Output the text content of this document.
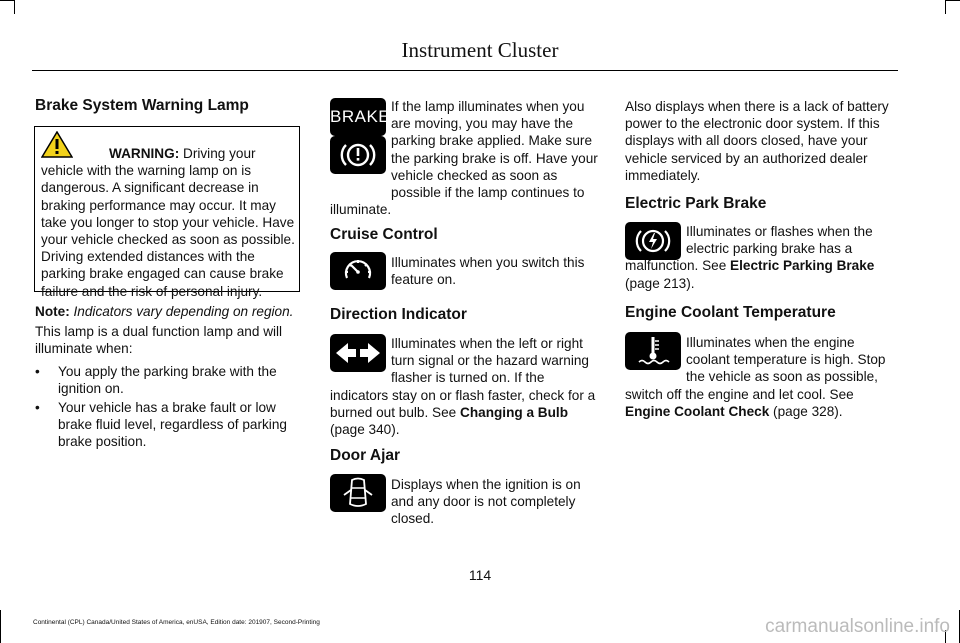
Instrument Cluster
Brake System Warning Lamp
WARNING: Driving your vehicle with the warning lamp on is dangerous. A significant decrease in braking performance may occur. It may take you longer to stop your vehicle. Have your vehicle checked as soon as possible. Driving extended distances with the parking brake engaged can cause brake failure and the risk of personal injury.
Note: Indicators vary depending on region.
This lamp is a dual function lamp and will illuminate when:
• You apply the parking brake with the ignition on.
• Your vehicle has a brake fault or low brake fluid level, regardless of parking brake position.
BRAKE
If the lamp illuminates when you are moving, you may have the parking brake applied. Make sure the parking brake is off. Have your vehicle checked as soon as possible if the lamp continues to illuminate.
Cruise Control
Illuminates when you switch this feature on.
Direction Indicator
Illuminates when the left or right turn signal or the hazard warning flasher is turned on. If the indicators stay on or flash faster, check for a burned out bulb. See Changing a Bulb (page 340).
Door Ajar
Displays when the ignition is on and any door is not completely closed.
Also displays when there is a lack of battery power to the electronic door system. If this displays with all doors closed, have your vehicle serviced by an authorized dealer immediately.
Electric Park Brake
Illuminates or flashes when the electric parking brake has a malfunction. See Electric Parking Brake (page 213).
Engine Coolant Temperature
Illuminates when the engine coolant temperature is high. Stop the vehicle as soon as possible, switch off the engine and let cool. See Engine Coolant Check (page 328).
114
Continental (CPL) Canada/United States of America, enUSA, Edition date: 201907, Second-Printing	carmanualsonline.info
